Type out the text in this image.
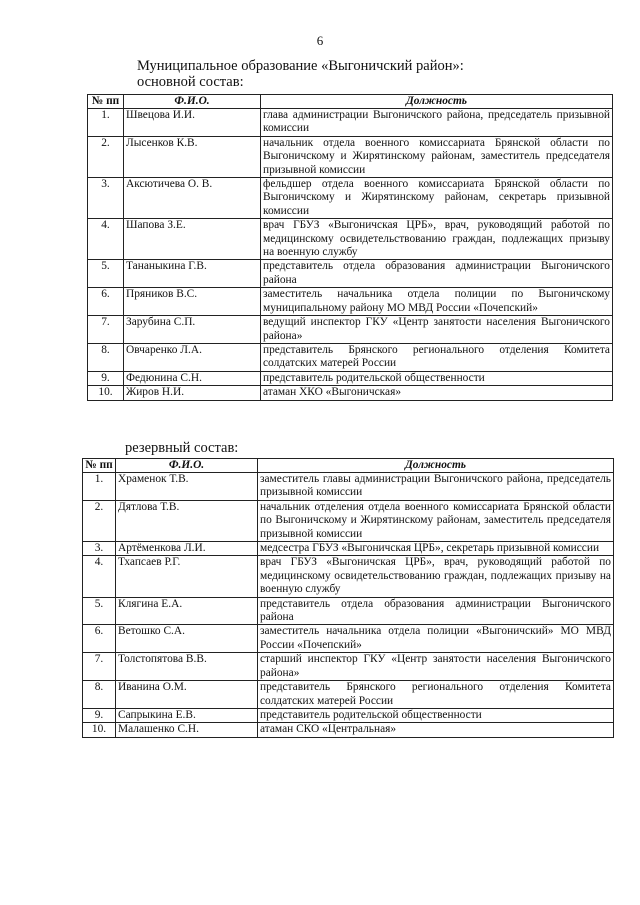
6
Муниципальное образование «Выгоничский район»:
основной состав:
№ пп	Ф.И.О.	Должность
1.	Швецова И.И.	глава администрации Выгоничского района, председатель призывной комиссии
2.	Лысенков К.В.	начальник отдела военного комиссариата Брянской области по Выгоничскому и Жирятинскому районам, заместитель председателя призывной комиссии
3.	Аксютичева О. В.	фельдшер отдела военного комиссариата Брянской области по Выгоничскому и Жирятинскому районам, секретарь призывной комиссии
4.	Шапова З.Е.	врач ГБУЗ «Выгоничская ЦРБ», врач, руководящий работой по медицинскому освидетельствованию граждан, подлежащих призыву на военную службу
5.	Тананыкина Г.В.	представитель отдела образования администрации Выгоничского района
6.	Пряников В.С.	заместитель начальника отдела полиции по Выгоничскому муниципальному району МО МВД России «Почепский»
7.	Зарубина С.П.	ведущий инспектор ГКУ «Центр занятости населения Выгоничского района»
8.	Овчаренко Л.А.	представитель Брянского регионального отделения Комитета солдатских матерей России
9.	Федюнина С.Н.	представитель родительской общественности
10.	Жиров Н.И.	атаман ХКО «Выгоничская»
резервный состав:
№ пп	Ф.И.О.	Должность
1.	Храменок Т.В.	заместитель главы администрации Выгоничского района, председатель призывной комиссии
2.	Дятлова Т.В.	начальник отделения отдела военного комиссариата Брянской области по Выгоничскому и Жирятинскому районам, заместитель председателя призывной комиссии
3.	Артёменкова Л.И.	медсестра ГБУЗ «Выгоничская ЦРБ», секретарь призывной комиссии
4.	Тхапсаев Р.Г.	врач ГБУЗ «Выгоничская ЦРБ», врач, руководящий работой по медицинскому освидетельствованию граждан, подлежащих призыву на военную службу
5.	Клягина Е.А.	представитель отдела образования администрации Выгоничского района
6.	Ветошко С.А.	заместитель начальника отдела полиции «Выгоничский» МО МВД России «Почепский»
7.	Толстопятова В.В.	старший инспектор ГКУ «Центр занятости населения Выгоничского района»
8.	Иванина О.М.	представитель Брянского регионального отделения Комитета солдатских матерей России
9.	Сапрыкина Е.В.	представитель родительской общественности
10.	Малашенко С.Н.	атаман СКО «Центральная»
